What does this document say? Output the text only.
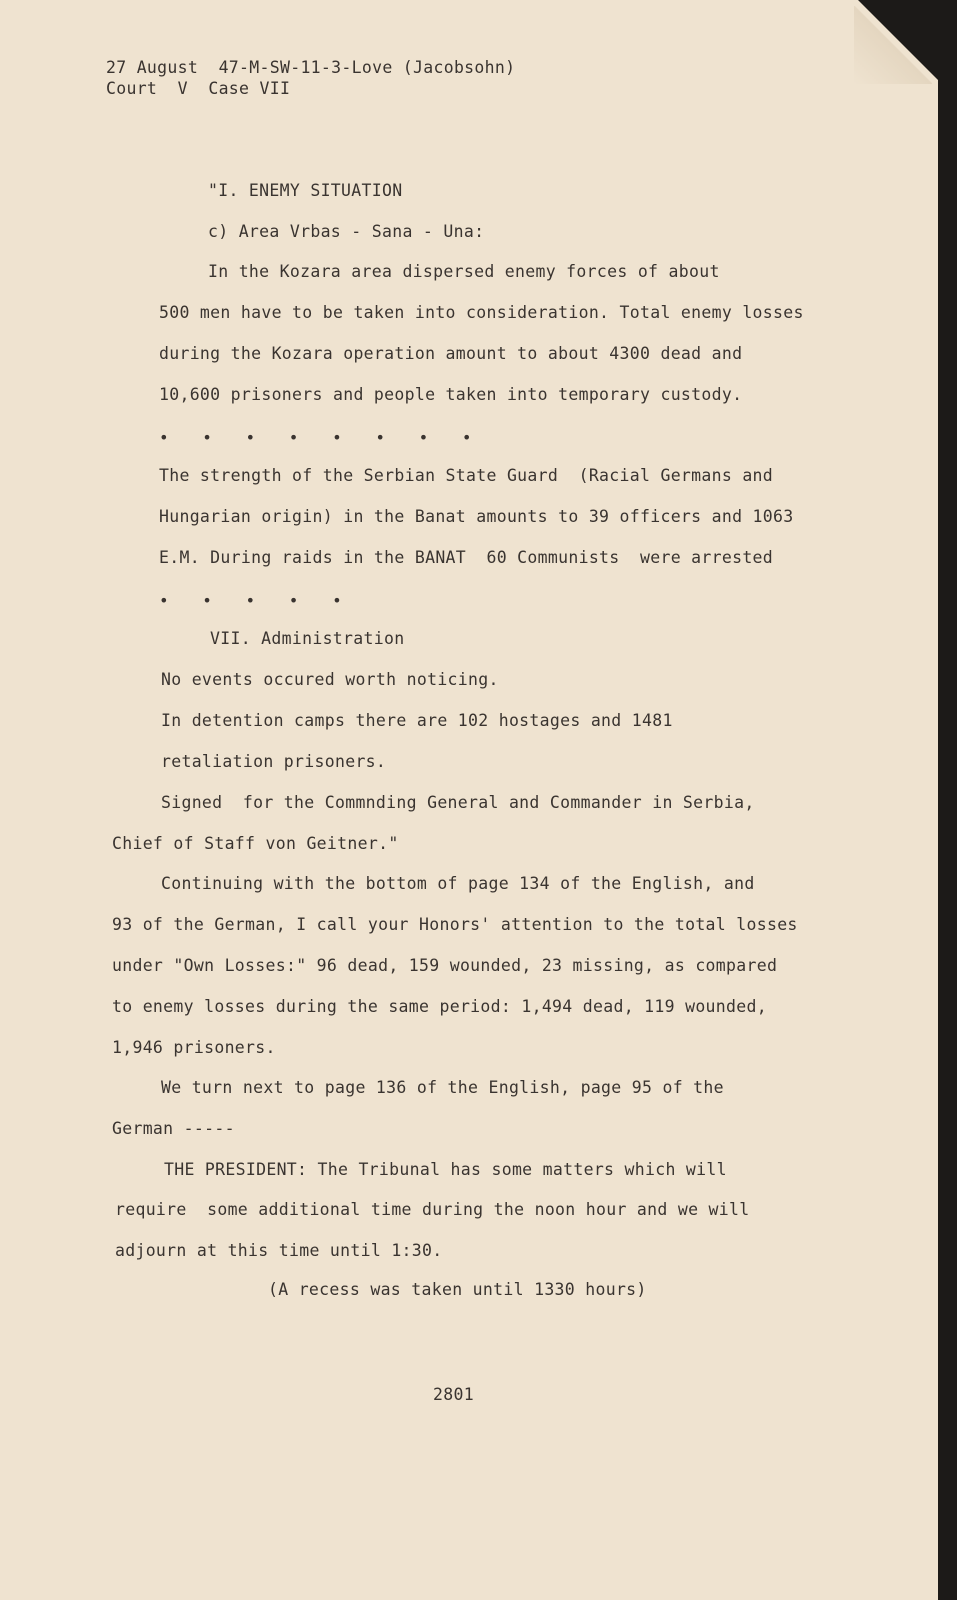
27 August  47-M-SW-11-3-Love (Jacobsohn)
Court  V  Case VII
"I. ENEMY SITUATION
c) Area Vrbas - Sana - Una:
In the Kozara area dispersed enemy forces of about
500 men have to be taken into consideration. Total enemy losses
during the Kozara operation amount to about 4300 dead and
10,600 prisoners and people taken into temporary custody.
• • • • • • • •
The strength of the Serbian State Guard  (Racial Germans and
Hungarian origin) in the Banat amounts to 39 officers and 1063
E.M. During raids in the BANAT  60 Communists  were arrested
• • • • •
VII. Administration
No events occured worth noticing.
In detention camps there are 102 hostages and 1481
retaliation prisoners.
Signed  for the Commnding General and Commander in Serbia,
Chief of Staff von Geitner."
Continuing with the bottom of page 134 of the English, and
93 of the German, I call your Honors' attention to the total losses
under "Own Losses:" 96 dead, 159 wounded, 23 missing, as compared
to enemy losses during the same period: 1,494 dead, 119 wounded,
1,946 prisoners.
We turn next to page 136 of the English, page 95 of the
German -----
THE PRESIDENT: The Tribunal has some matters which will
require  some additional time during the noon hour and we will
adjourn at this time until 1:30.
(A recess was taken until 1330 hours)
2801
